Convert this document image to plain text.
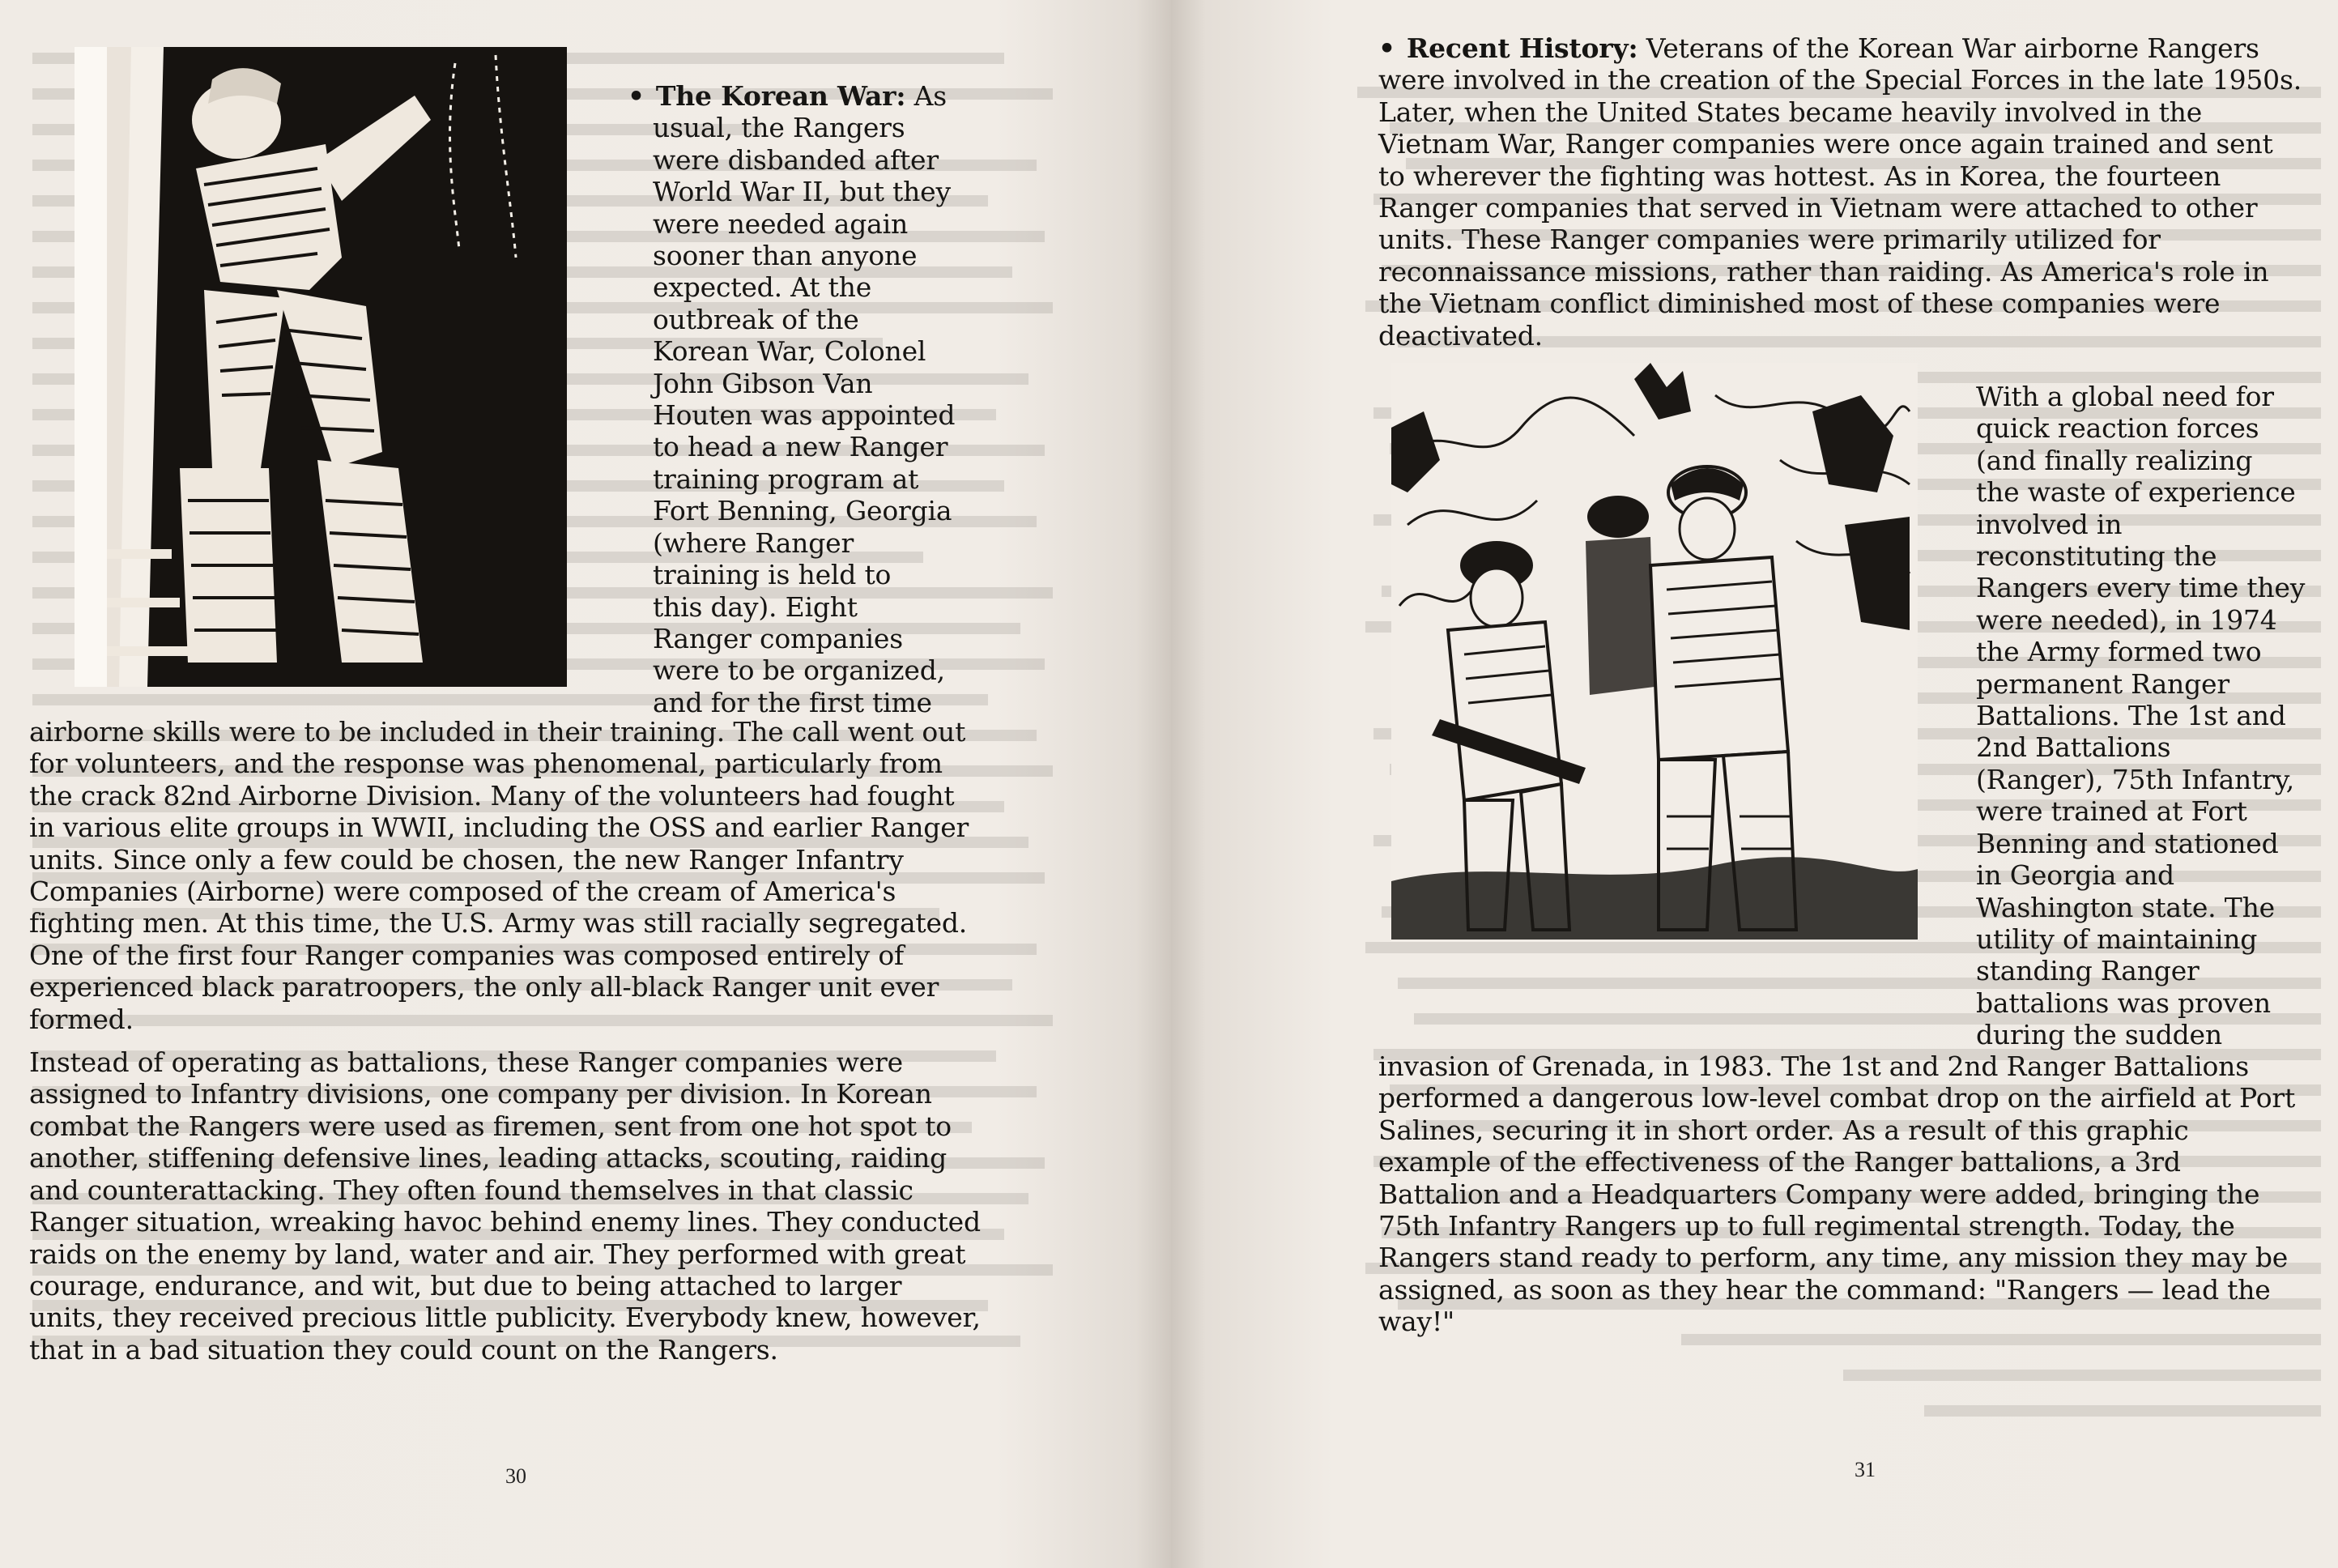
• The Korean War: As
usual, the Rangers
were disbanded after
World War II, but they
were needed again
sooner than anyone
expected. At the
outbreak of the
Korean War, Colonel
John Gibson Van
Houten was appointed
to head a new Ranger
training program at
Fort Benning, Georgia
(where Ranger
training is held to
this day). Eight
Ranger companies
were to be organized,
and for the first time

airborne skills were to be included in their training. The call went out for volunteers, and the response was phenomenal, particularly from the crack 82nd Airborne Division. Many of the volunteers had fought in various elite groups in WWII, including the OSS and earlier Ranger units. Since only a few could be chosen, the new Ranger Infantry Companies (Airborne) were composed of the cream of America's fighting men. At this time, the U.S. Army was still racially segregated. One of the first four Ranger companies was composed entirely of experienced black paratroopers, the only all-black Ranger unit ever formed.

Instead of operating as battalions, these Ranger companies were assigned to Infantry divisions, one company per division. In Korean combat the Rangers were used as firemen, sent from one hot spot to another, stiffening defensive lines, leading attacks, scouting, raiding and counterattacking. They often found themselves in that classic Ranger situation, wreaking havoc behind enemy lines. They conducted raids on the enemy by land, water and air. They performed with great courage, endurance, and wit, but due to being attached to larger units, they received precious little publicity. Everybody knew, however, that in a bad situation they could count on the Rangers.

30

• Recent History: Veterans of the Korean War airborne Rangers were involved in the creation of the Special Forces in the late 1950s. Later, when the United States became heavily involved in the Vietnam War, Ranger companies were once again trained and sent to wherever the fighting was hottest. As in Korea, the fourteen Ranger companies that served in Vietnam were attached to other units. These Ranger companies were primarily utilized for reconnaissance missions, rather than raiding. As America's role in the Vietnam conflict diminished most of these companies were deactivated.

With a global need for
quick reaction forces
(and finally realizing
the waste of experience
involved in
reconstituting the
Rangers every time they
were needed), in 1974
the Army formed two
permanent Ranger
Battalions. The 1st and
2nd Battalions
(Ranger), 75th Infantry,
were trained at Fort
Benning and stationed
in Georgia and
Washington state. The
utility of maintaining
standing Ranger
battalions was proven
during the sudden

invasion of Grenada, in 1983. The 1st and 2nd Ranger Battalions performed a dangerous low-level combat drop on the airfield at Port Salines, securing it in short order. As a result of this graphic example of the effectiveness of the Ranger battalions, a 3rd Battalion and a Headquarters Company were added, bringing the 75th Infantry Rangers up to full regimental strength. Today, the Rangers stand ready to perform, any time, any mission they may be assigned, as soon as they hear the command: "Rangers — lead the way!"

31
